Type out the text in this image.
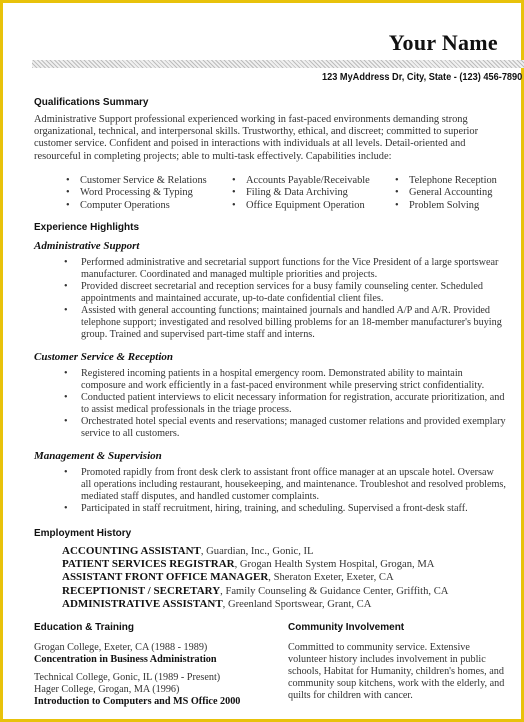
Your Name
123 MyAddress Dr, City, State - (123) 456-7890
Qualifications Summary
Administrative Support professional experienced working in fast-paced environments demanding strong organizational, technical, and interpersonal skills. Trustworthy, ethical, and discreet; committed to superior customer service. Confident and poised in interactions with individuals at all levels. Detail-oriented and resourceful in completing projects; able to multi-task effectively. Capabilities include:
• Customer Service & Relations
• Word Processing & Typing
• Computer Operations
• Accounts Payable/Receivable
• Filing & Data Archiving
• Office Equipment Operation
• Telephone Reception
• General Accounting
• Problem Solving
Experience Highlights
Administrative Support
• Performed administrative and secretarial support functions for the Vice President of a large sportswear manufacturer. Coordinated and managed multiple priorities and projects.
• Provided discreet secretarial and reception services for a busy family counseling center. Scheduled appointments and maintained accurate, up-to-date confidential client files.
• Assisted with general accounting functions; maintained journals and handled A/P and A/R. Provided telephone support; investigated and resolved billing problems for an 18-member manufacturer's buying group. Trained and supervised part-time staff and interns.
Customer Service & Reception
• Registered incoming patients in a hospital emergency room. Demonstrated ability to maintain composure and work efficiently in a fast-paced environment while preserving strict confidentiality.
• Conducted patient interviews to elicit necessary information for registration, accurate prioritization, and to assist medical professionals in the triage process.
• Orchestrated hotel special events and reservations; managed customer relations and provided exemplary service to all customers.
Management & Supervision
• Promoted rapidly from front desk clerk to assistant front office manager at an upscale hotel. Oversaw all operations including restaurant, housekeeping, and maintenance. Troubleshot and resolved problems, mediated staff disputes, and handled customer complaints.
• Participated in staff recruitment, hiring, training, and scheduling. Supervised a front-desk staff.
Employment History
ACCOUNTING ASSISTANT, Guardian, Inc., Gonic, IL
PATIENT SERVICES REGISTRAR, Grogan Health System Hospital, Grogan, MA
ASSISTANT FRONT OFFICE MANAGER, Sheraton Exeter, Exeter, CA
RECEPTIONIST / SECRETARY, Family Counseling & Guidance Center, Griffith, CA
ADMINISTRATIVE ASSISTANT, Greenland Sportswear, Grant, CA
Education & Training
Grogan College, Exeter, CA (1988 - 1989)
Concentration in Business Administration
Technical College, Gonic, IL (1989 - Present)
Hager College, Grogan, MA (1996)
Introduction to Computers and MS Office 2000
Community Involvement
Committed to community service. Extensive volunteer history includes involvement in public schools, Habitat for Humanity, children's homes, and community soup kitchens, work with the elderly, and quilts for children with cancer.
